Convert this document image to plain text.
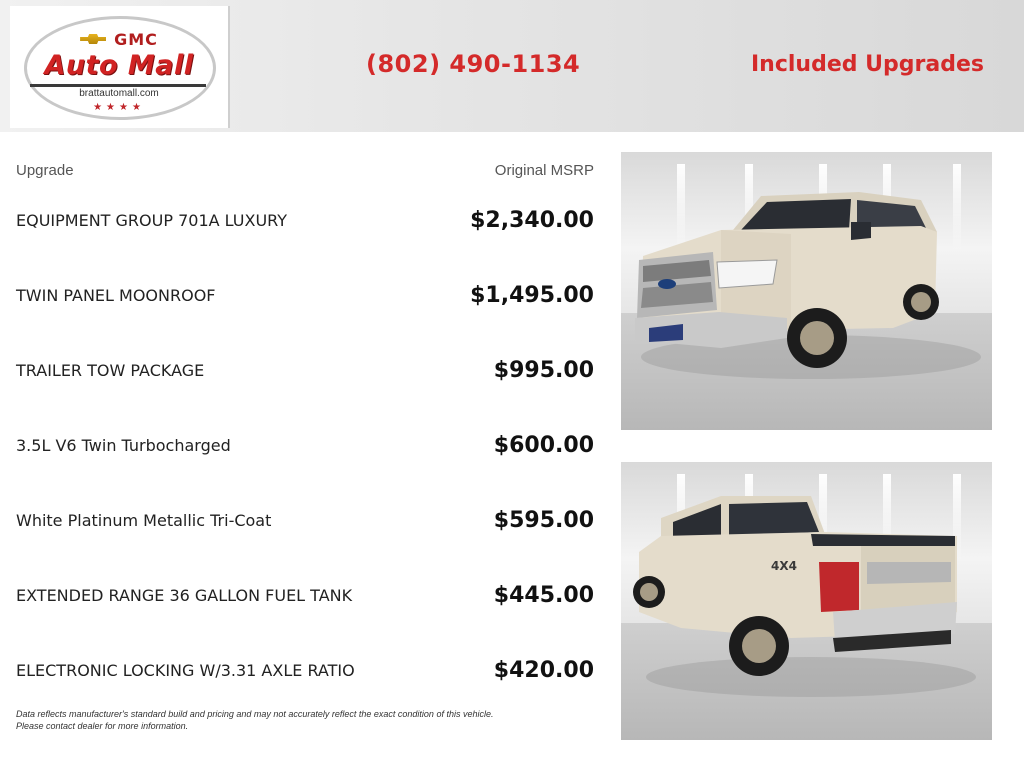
GMC
Auto Mall
brattautomall.com
★★★★
(802) 490-1134	Included Upgrades
Upgrade	Original MSRP
EQUIPMENT GROUP 701A LUXURY	$2,340.00
TWIN PANEL MOONROOF	$1,495.00
TRAILER TOW PACKAGE	$995.00
3.5L V6 Twin Turbocharged	$600.00
White Platinum Metallic Tri-Coat	$595.00
EXTENDED RANGE 36 GALLON FUEL TANK	$445.00
ELECTRONIC LOCKING W/3.31 AXLE RATIO	$420.00
Data reflects manufacturer's standard build and pricing and may not accurately reflect the exact condition of this vehicle.
Please contact dealer for more information.
4X4
